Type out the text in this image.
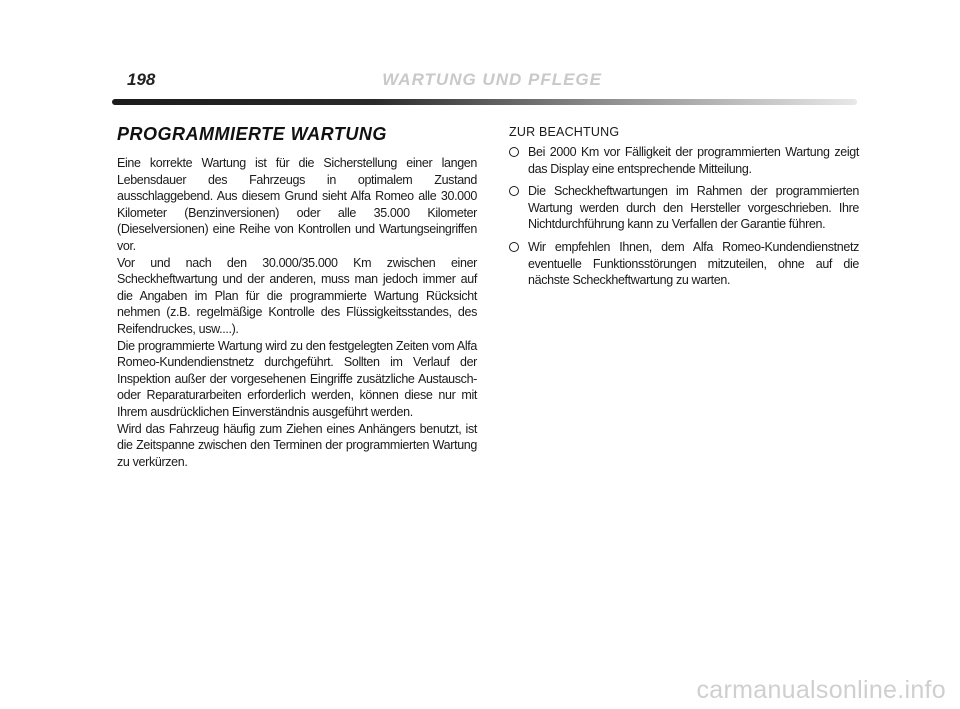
198	WARTUNG UND PFLEGE
PROGRAMMIERTE WARTUNG

Eine korrekte Wartung ist für die Sicherstellung einer langen Lebensdauer des Fahrzeugs in optimalem Zustand ausschlaggebend. Aus diesem Grund sieht Alfa Romeo alle 30.000 Kilometer (Benzinversionen) oder alle 35.000 Kilometer (Dieselversionen) eine Reihe von Kontrollen und Wartungseingriffen vor.

Vor und nach den 30.000/35.000 Km zwischen einer Scheckheftwartung und der anderen, muss man jedoch immer auf die Angaben im Plan für die programmierte Wartung Rücksicht nehmen (z.B. regelmäßige Kontrolle des Flüssigkeitsstandes, des Reifendruckes, usw....).

Die programmierte Wartung wird zu den festgelegten Zeiten vom Alfa Romeo-Kundendienstnetz durchgeführt. Sollten im Verlauf der Inspektion außer der vorgesehenen Eingriffe zusätzliche Austausch- oder Reparaturarbeiten erforderlich werden, können diese nur mit Ihrem ausdrücklichen Einverständnis ausgeführt werden.

Wird das Fahrzeug häufig zum Ziehen eines Anhängers benutzt, ist die Zeitspanne zwischen den Terminen der programmierten Wartung zu verkürzen.

ZUR BEACHTUNG
Bei 2000 Km vor Fälligkeit der programmierten Wartung zeigt das Display eine entsprechende Mitteilung.
Die Scheckheftwartungen im Rahmen der programmierten Wartung werden durch den Hersteller vorgeschrieben. Ihre Nichtdurchführung kann zu Verfallen der Garantie führen.
Wir empfehlen Ihnen, dem Alfa Romeo-Kundendienstnetz eventuelle Funktionsstörungen mitzuteilen, ohne auf die nächste Scheckheftwartung zu warten.
carmanualsonline.info
